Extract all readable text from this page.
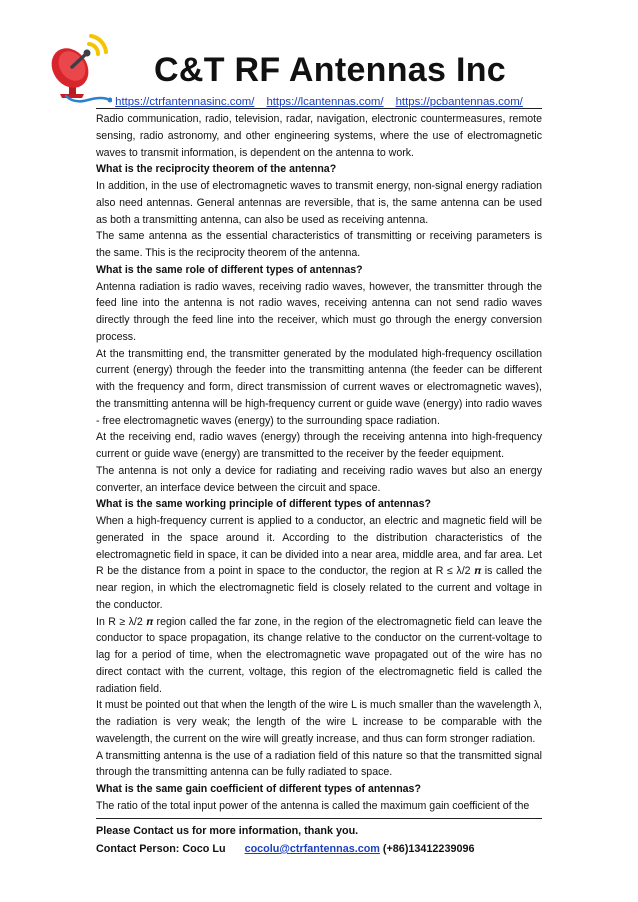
C&T RF Antennas Inc
https://ctrfantennasinc.com/ https://lcantennas.com/ https://pcbantennas.com/

Radio communication, radio, television, radar, navigation, electronic countermeasures, remote sensing, radio astronomy, and other engineering systems, where the use of electromagnetic waves to transmit information, is dependent on the antenna to work.

What is the reciprocity theorem of the antenna?

In addition, in the use of electromagnetic waves to transmit energy, non-signal energy radiation also need antennas. General antennas are reversible, that is, the same antenna can be used as both a transmitting antenna, can also be used as receiving antenna.

The same antenna as the essential characteristics of transmitting or receiving parameters is the same. This is the reciprocity theorem of the antenna.

What is the same role of different types of antennas?

Antenna radiation is radio waves, receiving radio waves, however, the transmitter through the feed line into the antenna is not radio waves, receiving antenna can not send radio waves directly through the feed line into the receiver, which must go through the energy conversion process.

At the transmitting end, the transmitter generated by the modulated high-frequency oscillation current (energy) through the feeder into the transmitting antenna (the feeder can be different with the frequency and form, direct transmission of current waves or electromagnetic waves), the transmitting antenna will be high-frequency current or guide wave (energy) into radio waves - free electromagnetic waves (energy) to the surrounding space radiation.

At the receiving end, radio waves (energy) through the receiving antenna into high-frequency current or guide wave (energy) are transmitted to the receiver by the feeder equipment.

The antenna is not only a device for radiating and receiving radio waves but also an energy converter, an interface device between the circuit and space.

What is the same working principle of different types of antennas?

When a high-frequency current is applied to a conductor, an electric and magnetic field will be generated in the space around it. According to the distribution characteristics of the electromagnetic field in space, it can be divided into a near area, middle area, and far area. Let R be the distance from a point in space to the conductor, the region at R ≤ λ/2 𝝅 is called the near region, in which the electromagnetic field is closely related to the current and voltage in the conductor.

In R ≥ λ/2 𝝅 region called the far zone, in the region of the electromagnetic field can leave the conductor to space propagation, its change relative to the conductor on the current-voltage to lag for a period of time, when the electromagnetic wave propagated out of the wire has no direct contact with the current, voltage, this region of the electromagnetic field is called the radiation field.

It must be pointed out that when the length of the wire L is much smaller than the wavelength λ, the radiation is very weak; the length of the wire L increase to be comparable with the wavelength, the current on the wire will greatly increase, and thus can form stronger radiation.

A transmitting antenna is the use of a radiation field of this nature so that the transmitted signal through the transmitting antenna can be fully radiated to space.

What is the same gain coefficient of different types of antennas?

The ratio of the total input power of the antenna is called the maximum gain coefficient of the

Please Contact us for more information, thank you.
Contact Person: Coco Lu cocolu@ctrfantennas.com (+86)13412239096
